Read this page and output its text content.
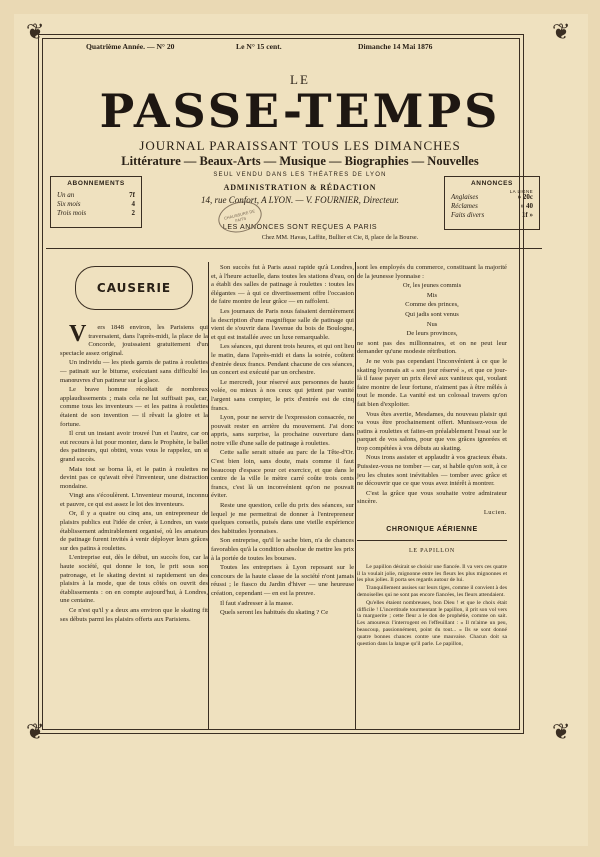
❦	❦
❦	❦
Quatrième Année. — N° 20	Le N° 15 cent.	Dimanche 14 Mai 1876
LE
PASSE-TEMPS
JOURNAL PARAISSANT TOUS LES DIMANCHES
Littérature — Beaux-Arts — Musique — Biographies — Nouvelles
SEUL VENDU DANS LES THÉATRES DE LYON
ADMINISTRATION & RÉDACTION
14, rue Confort, A LYON. — V. FOURNIER, Directeur.
LES ANNONCES SONT REÇUES A PARIS
Chez MM. Havas, Laffite, Bullier et Cie, 8, place de la Bourse.
ABONNEMENTS
Un an	7f
Six mois	4
Trois mois	2
ANNONCES
LA LIGNE
Anglaises	» 20c
Réclames	» 40
Faits divers	1f »
CHAUSSURE DE FAITS
CAUSERIE

V	ers 1848 environ, les Parisiens qui traversaient, dans l'après-midi, la place de la Concorde, jouissaient gratuitement d'un spectacle assez original.

Un individu — les pieds garnis de patins à roulettes — patinait sur le bitume, exécutant sans difficulté les manœuvres d'un patineur sur la glace.

Le brave homme récoltait de nombreux applaudissements ; mais cela ne lui suffisait pas, car, comme tous les inventeurs — et les patins à roulettes étaient de son invention — il rêvait la gloire et la fortune.

Il crut un instant avoir trouvé l'un et l'autre, car on eut recours à lui pour monter, dans le Prophète, le ballet des patineurs, qui obtint, vous vous le rappelez, un si grand succès.

Mais tout se borna là, et le patin à roulettes ne devint pas ce qu'avait rêvé l'inventeur, une distraction mondaine.

Vingt ans s'écoulèrent. L'inventeur mourut, inconnu et pauvre, ce qui est assez le lot des inventeurs.

Or, il y a quatre ou cinq ans, un entrepreneur de plaisirs publics eut l'idée de créer, à Londres, un vaste établissement admirablement organisé, où les amateurs de patinage furent invités à venir déployer leurs grâces sur des patins à roulettes.

L'entreprise eut, dès le début, un succès fou, car la haute société, qui donne le ton, le prit sous son patronage, et le skating devint si rapidement un des plaisirs à la mode, que de tous côtés on ouvrit des établissements : on en compte aujourd'hui, à Londres, une centaine.

Ce n'est qu'il y a deux ans environ que le skating fit ses débuts parmi les plaisirs offerts aux Parisiens.

Son succès fut à Paris aussi rapide qu'à Londres, et, à l'heure actuelle, dans toutes les stations d'eau, on a établi des salles de patinage à roulettes : toutes les élégantes — à qui ce divertissement offre l'occasion de faire montre de leur grâce — en raffolent.

Les journaux de Paris nous faisaient dernièrement la description d'une magnifique salle de patinage qui vient de s'ouvrir dans l'avenue du bois de Boulogne, et qui est installée avec un luxe remarquable.

Les séances, qui durent trois heures, et qui ont lieu le matin, dans l'après-midi et dans la soirée, coûtent d'entrée deux francs. Pendant chacune de ces séances, un concert est exécuté par un orchestre.

Le mercredi, jour réservé aux personnes de haute volée, ou mieux à nos ceux qui jettent par vanité l'argent sans compter, le prix d'entrée est de cinq francs.

Lyon, pour ne servir de l'expression consacrée, ne pouvait rester en arrière du mouvement. J'ai donc appris, sans surprise, la prochaine ouverture dans notre ville d'une salle de patinage à roulettes.

Cette salle serait située au parc de la Tête-d'Or. C'est bien loin, sans doute, mais comme il faut beaucoup d'espace pour cet exercice, et que dans le centre de la ville le mètre carré coûte trois cents francs, c'est là un inconvénient qu'on ne pouvait éviter.

Reste une question, celle du prix des séances, sur lequel je me permettrai de donner à l'entrepreneur quelques conseils, puisés dans une vieille expérience des habitudes lyonnaises.

Son entreprise, qu'il le sache bien, n'a de chances favorables qu'à la condition absolue de mettre les prix à la portée de toutes les bourses.

Toutes les entreprises à Lyon reposant sur le concours de la haute classe de la société n'ont jamais réussi ; le fiasco du Jardin d'hiver — une heureuse création, cependant — en est la preuve.

Il faut s'adresser à la masse.

Quels seront les habitués du skating ? Ce

sont les employés du commerce, constituant la majorité de la jeunesse lyonnaise :

Or, les jeunes commis

Mis

Comme des princes,

Qui jadis sont venus

Nus

De leurs provinces,

ne sont pas des millionnaires, et on ne peut leur demander qu'une modeste rétribution.

Je ne vois pas cependant l'inconvénient à ce que le skating lyonnais ait « son jour réservé », et que ce jour-là il fasse payer un prix élevé aux vaniteux qui, voulant faire montre de leur fortune, n'aiment pas à être mêlés à tout le monde. La vanité est un colossal travers qu'on fait bien d'exploiter.

Vous êtes avertie, Mesdames, du nouveau plaisir qui va vous être prochainement offert. Munissez-vous de patins à roulettes et faites-en préalablement l'essai sur le parquet de vos salons, pour que vos grâces ignorées et trop compétées à vos débuts au skating.

Nous irons assister et applaudir à vos gracieux ébats. Puissiez-vous ne tomber — car, si habile qu'on soit, à ce jeu les chutes sont inévitables — tomber avec grâce et ne découvrir que ce que vous avez intérêt à montrer.

C'est la grâce que vous souhaite votre admirateur sincère.

Lucien.
CHRONIQUE AÉRIENNE
LE PAPILLON

Le papillon désirait se choisir une fiancée. Il va vers ces quatre il la voulait jolie, mignonne entre les fleurs les plus mignonnes et les plus jolies. Il porta ses regards autour de lui.

Tranquillement assises sur leurs tiges, comme il convient à des demoiselles qui ne sont pas encore fiancées, les fleurs attendaient.

Qu'elles étaient nombreuses, bon Dieu ! et que le choix était difficile ! L'incertitude tourmentant le papillon, il prit son vol vers la marguerite ; cette fleur a le don de prophétie, comme on sait. Les amoureux l'interrogent en l'effeuillant : « Il m'aime un peu, beaucoup, passionnément, point du tout... » Ils se sont donné quatre bonnes chances contre une mauvaise. Chacun doit sa question dans la langue qu'il parle. Le papillon,
